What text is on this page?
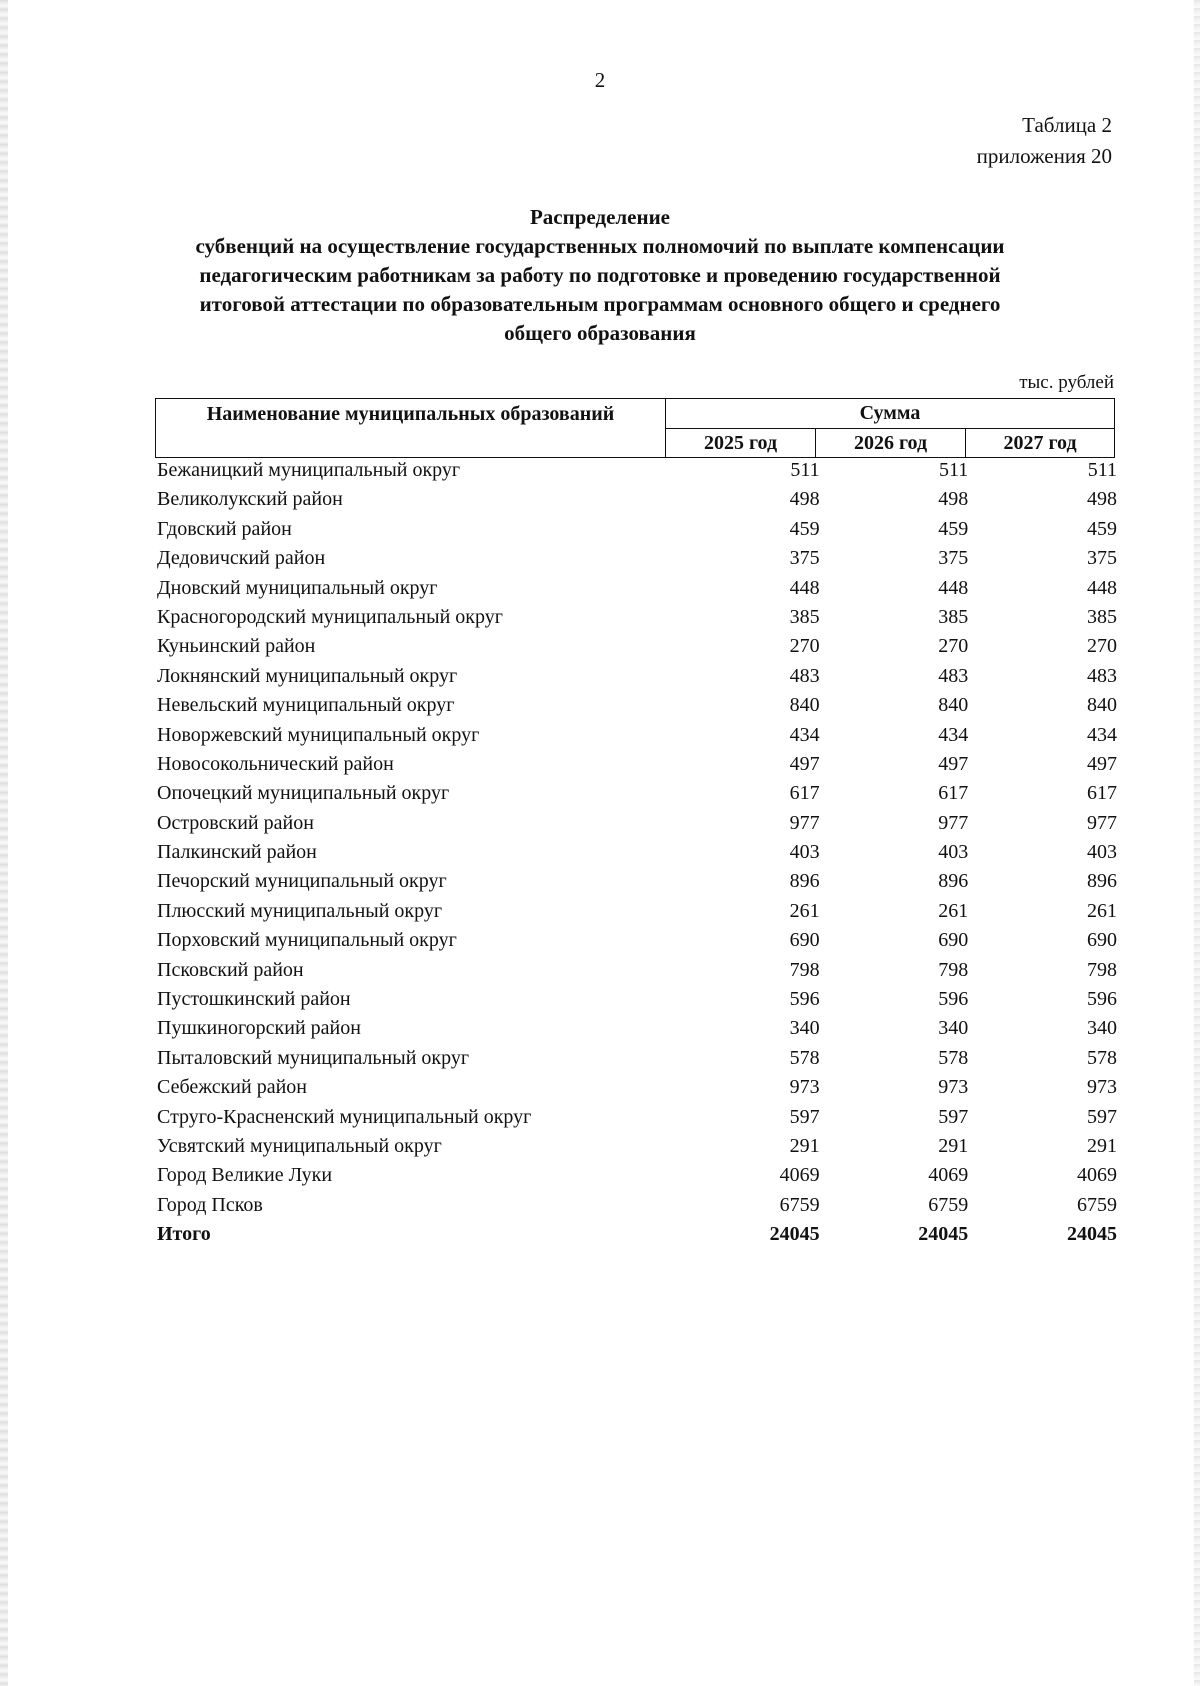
2
Таблица 2
приложения 20
Распределение
субвенций на осуществление государственных полномочий по выплате компенсации
педагогическим работникам за работу по подготовке и проведению государственной
итоговой аттестации по образовательным программам основного общего и среднего
общего образования
тыс. рублей
Наименование муниципальных образований	Сумма		
	2025 год	2026 год	2027 год
Бежаницкий муниципальный округ	511	511	511
Великолукский район	498	498	498
Гдовский район	459	459	459
Дедовичский район	375	375	375
Дновский муниципальный округ	448	448	448
Красногородский муниципальный округ	385	385	385
Куньинский район	270	270	270
Локнянский муниципальный округ	483	483	483
Невельский муниципальный округ	840	840	840
Новоржевский муниципальный округ	434	434	434
Новосокольнический район	497	497	497
Опочецкий муниципальный округ	617	617	617
Островский район	977	977	977
Палкинский район	403	403	403
Печорский муниципальный округ	896	896	896
Плюсский муниципальный округ	261	261	261
Порховский муниципальный округ	690	690	690
Псковский район	798	798	798
Пустошкинский район	596	596	596
Пушкиногорский район	340	340	340
Пыталовский муниципальный округ	578	578	578
Себежский район	973	973	973
Струго-Красненский муниципальный округ	597	597	597
Усвятский муниципальный округ	291	291	291
Город Великие Луки	4069	4069	4069
Город Псков	6759	6759	6759
Итого	24045	24045	24045
